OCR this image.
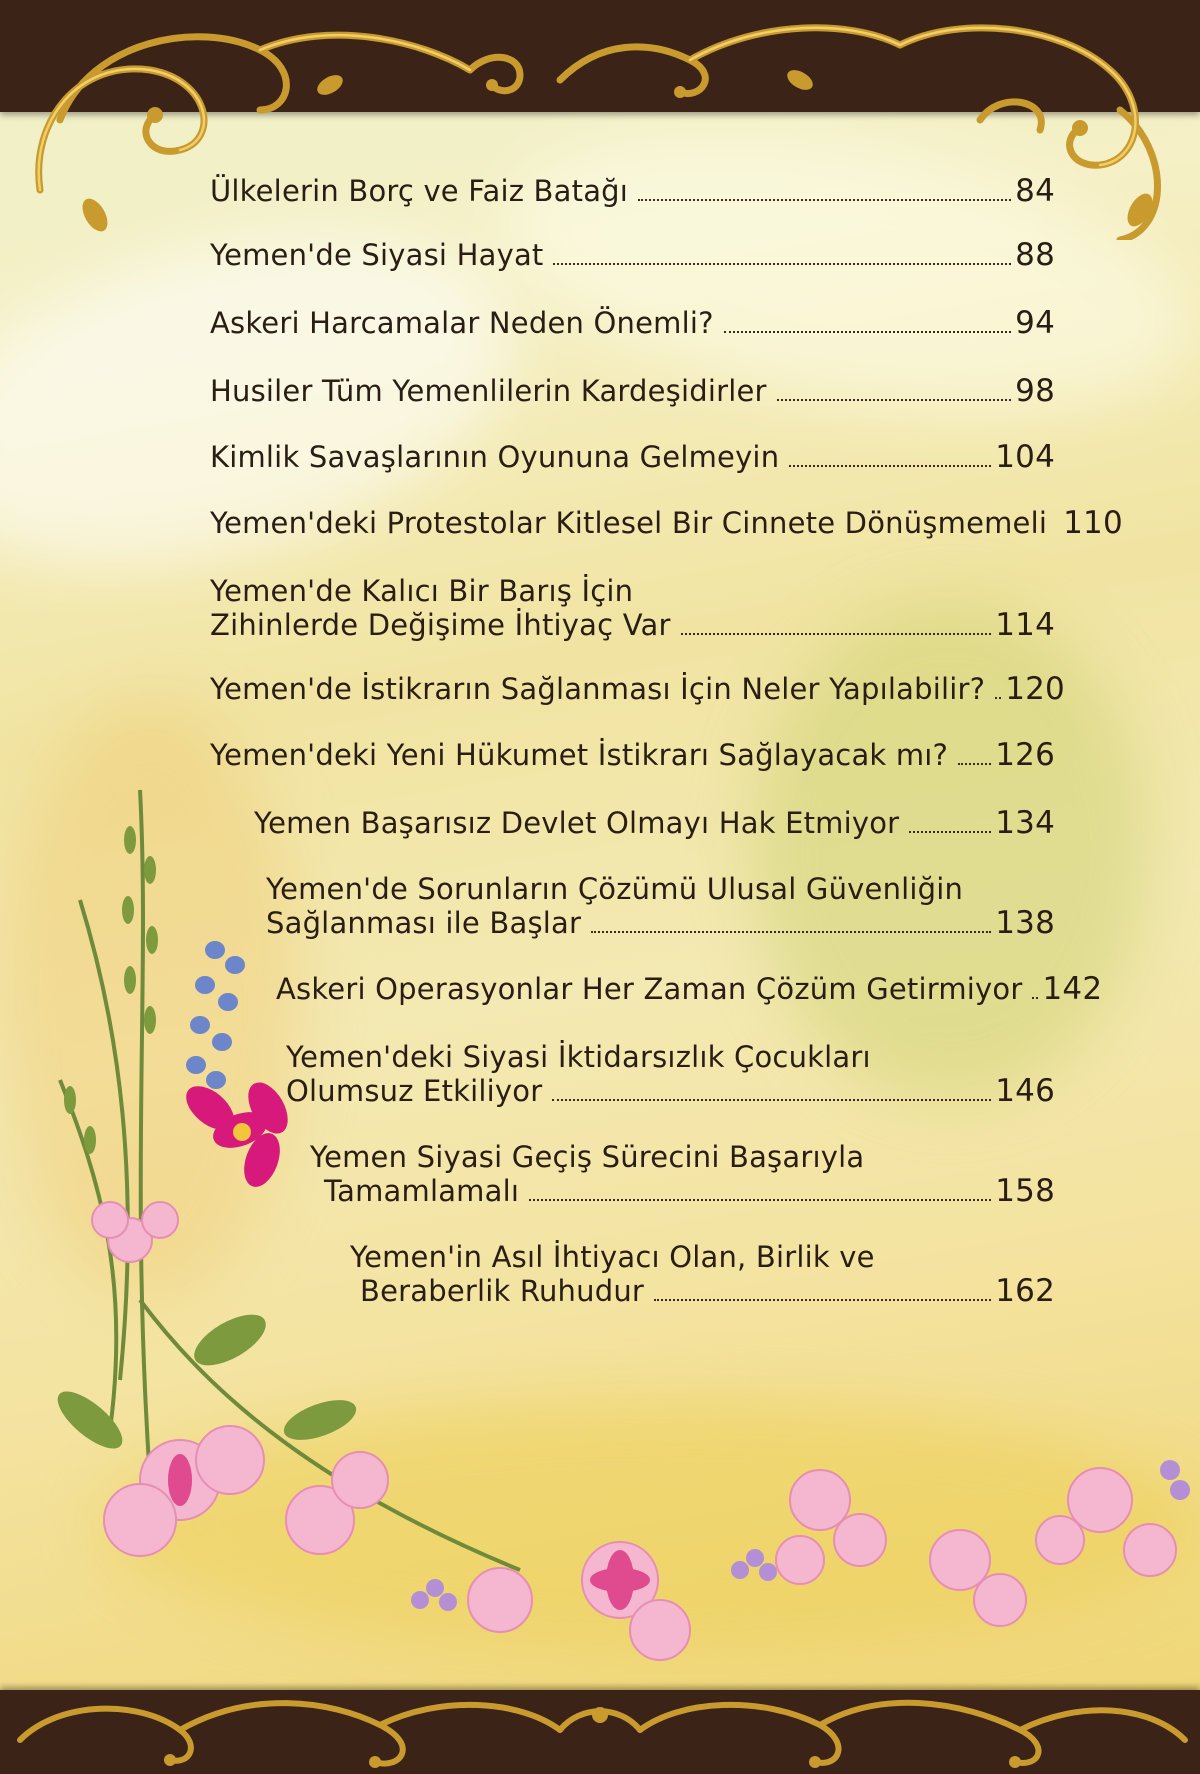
Ülkelerin Borç ve Faiz Batağı	84
Yemen'de Siyasi Hayat	88
Askeri Harcamalar Neden Önemli?	94
Husiler Tüm Yemenlilerin Kardeşidirler	98
Kimlik Savaşlarının Oyununa Gelmeyin	104
Yemen'deki Protestolar Kitlesel Bir Cinnete Dönüşmemeli 110
Yemen'de Kalıcı Bir Barış İçin
Zihinlerde Değişime İhtiyaç Var	114
Yemen'de İstikrarın Sağlanması İçin Neler Yapılabilir? 120
Yemen'deki Yeni Hükumet İstikrarı Sağlayacak mı? 126
Yemen Başarısız Devlet Olmayı Hak Etmiyor	134
Yemen'de Sorunların Çözümü Ulusal Güvenliğin
Sağlanması ile Başlar	138
Askeri Operasyonlar Her Zaman Çözüm Getirmiyor 142
Yemen'deki Siyasi İktidarsızlık Çocukları
Olumsuz Etkiliyor	146
Yemen Siyasi Geçiş Sürecini Başarıyla
Tamamlamalı	158
Yemen'in Asıl İhtiyacı Olan, Birlik ve
Beraberlik Ruhudur	162
